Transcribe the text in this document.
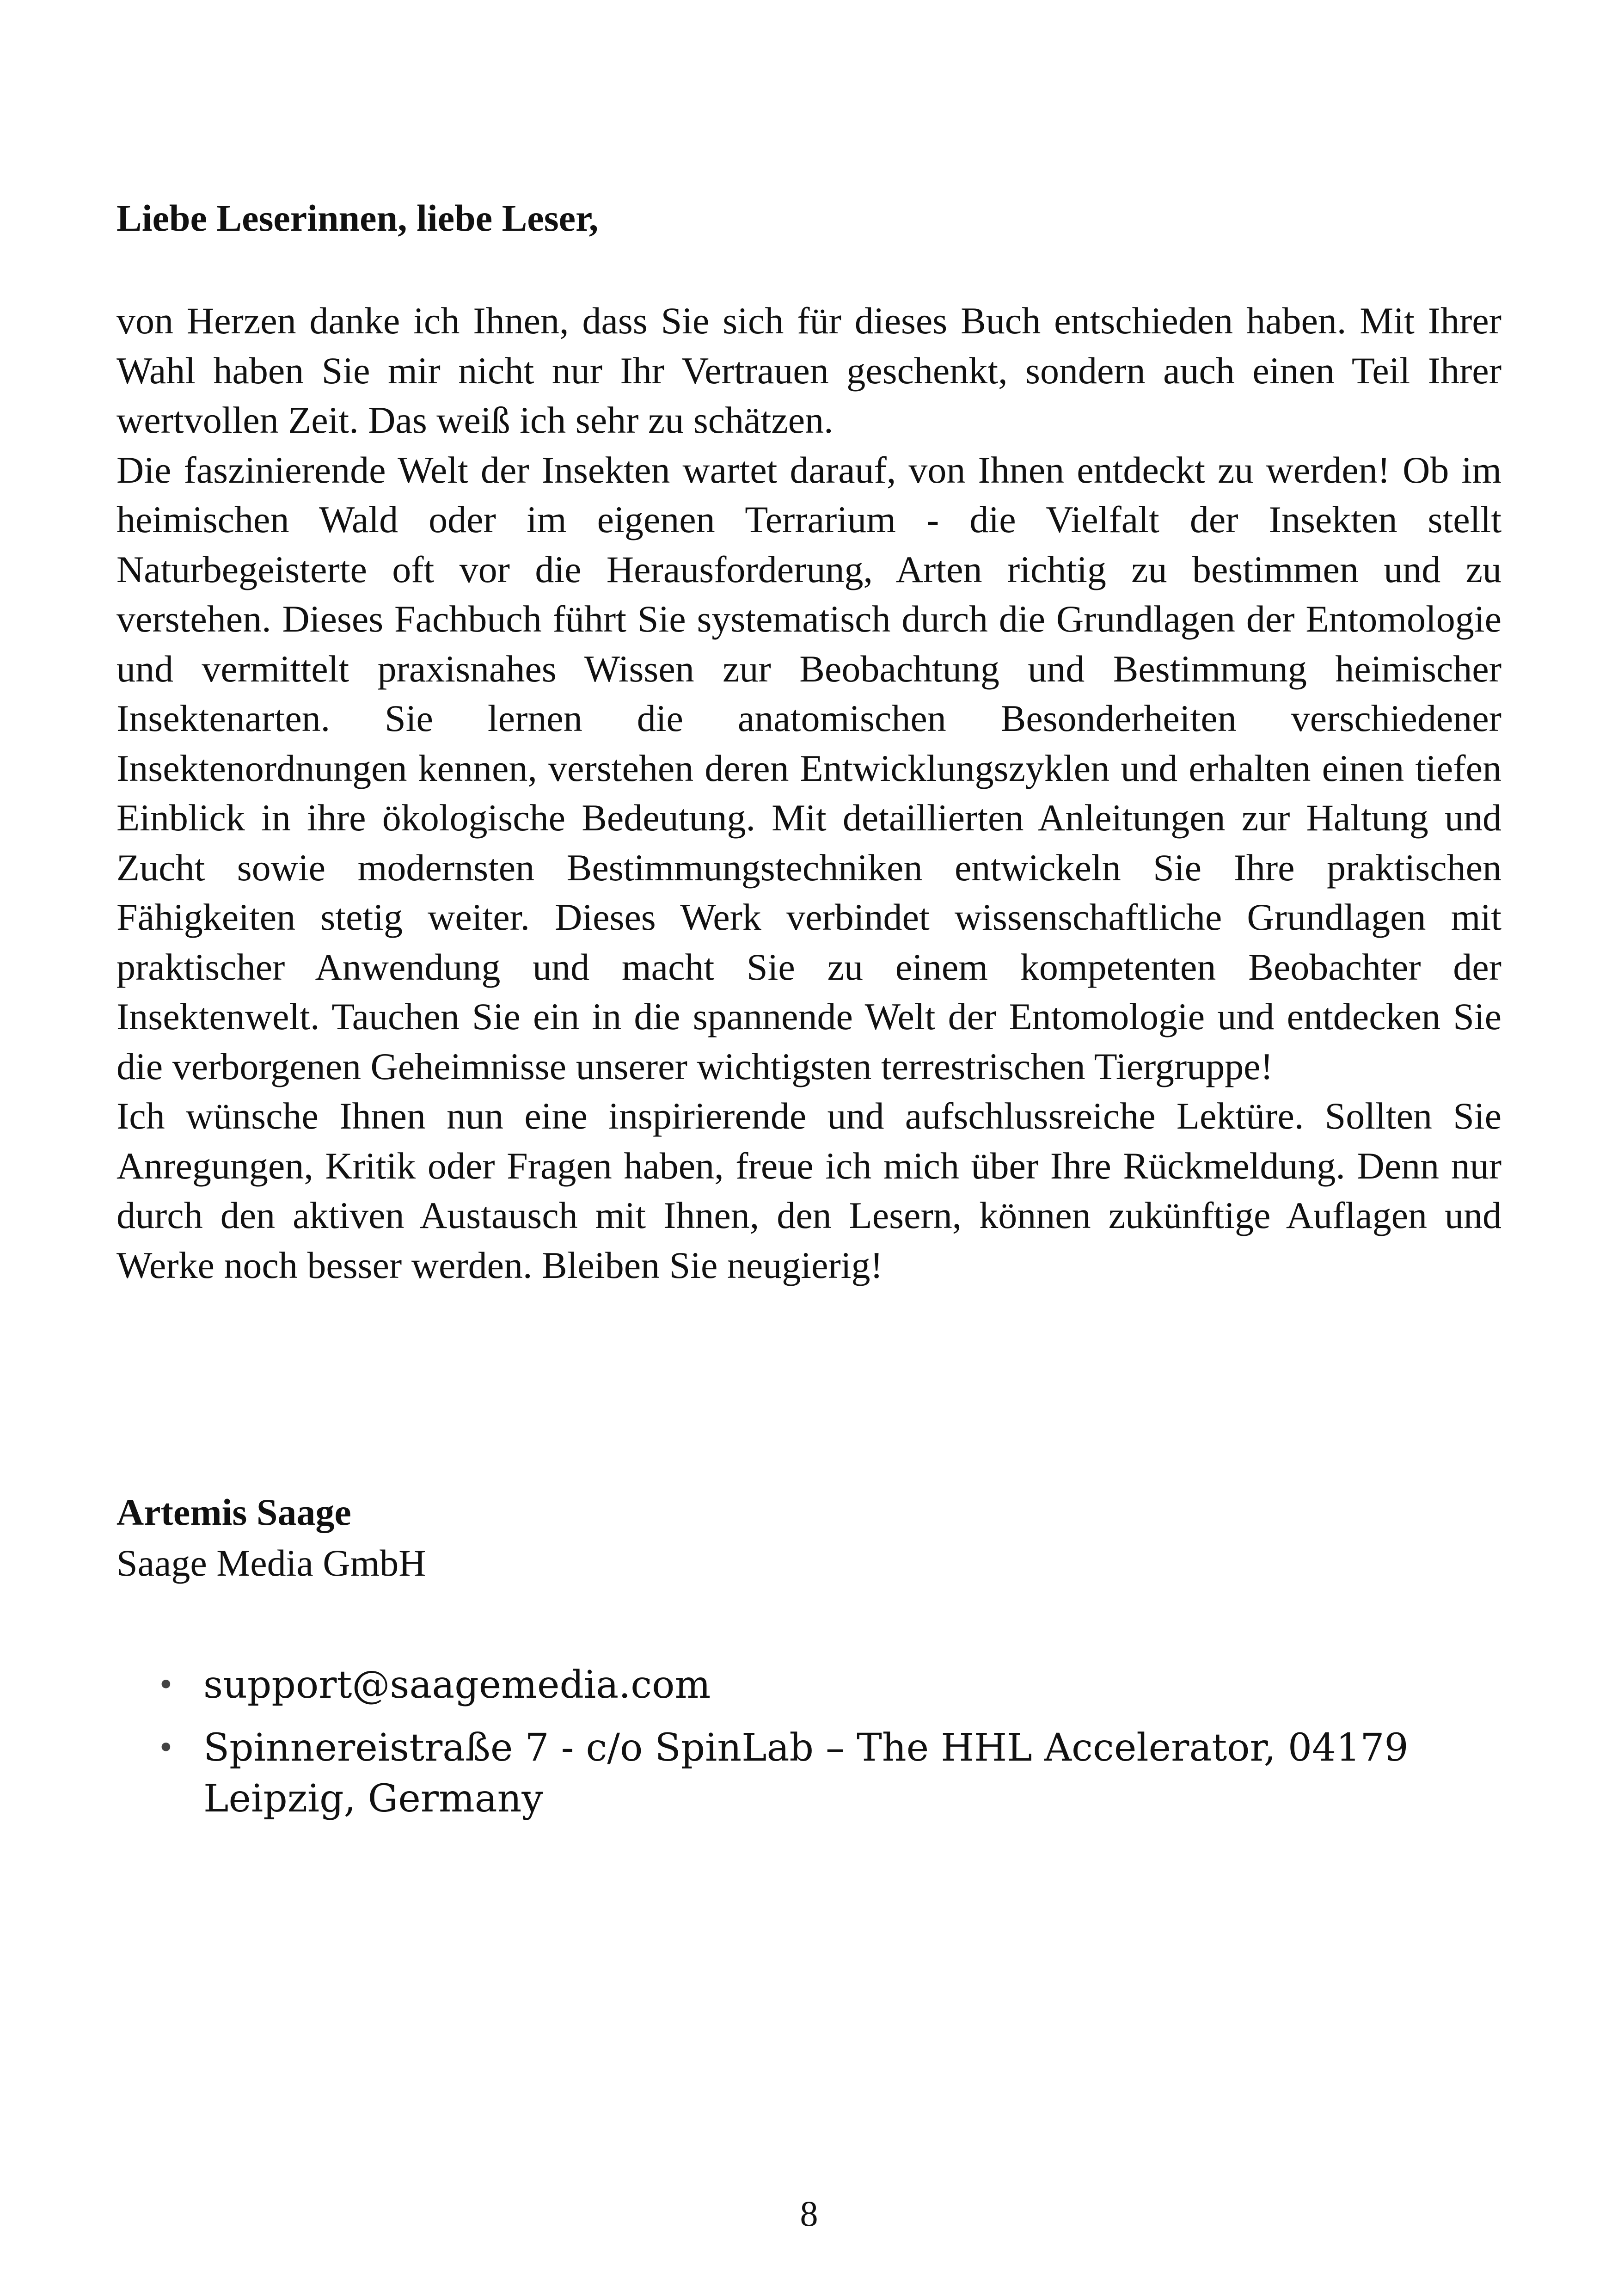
Liebe Leserinnen, liebe Leser,

von Herzen danke ich Ihnen, dass Sie sich für dieses Buch entschieden haben. Mit Ihrer Wahl haben Sie mir nicht nur Ihr Vertrauen geschenkt, sondern auch einen Teil Ihrer wertvollen Zeit. Das weiß ich sehr zu schätzen.

Die faszinierende Welt der Insekten wartet darauf, von Ihnen entdeckt zu werden! Ob im heimischen Wald oder im eigenen Terrarium - die Vielfalt der Insekten stellt Naturbegeisterte oft vor die Herausforderung, Arten richtig zu bestimmen und zu verstehen. Dieses Fachbuch führt Sie systematisch durch die Grundlagen der Entomologie und vermittelt praxisnahes Wissen zur Beobachtung und Bestimmung heimischer Insektenarten. Sie lernen die anatomischen Besonderheiten verschiedener Insektenordnungen kennen, verstehen deren Entwicklungszyklen und erhalten einen tiefen Einblick in ihre ökologische Bedeutung. Mit detaillierten Anleitungen zur Haltung und Zucht sowie modernsten Bestimmungstechniken entwickeln Sie Ihre praktischen Fähigkeiten stetig weiter. Dieses Werk verbindet wissenschaftliche Grundlagen mit praktischer Anwendung und macht Sie zu einem kompetenten Beobachter der Insektenwelt. Tauchen Sie ein in die spannende Welt der Entomologie und entdecken Sie die verborgenen Geheimnisse unserer wichtigsten terrestrischen Tiergruppe!

Ich wünsche Ihnen nun eine inspirierende und aufschlussreiche Lektüre. Sollten Sie Anregungen, Kritik oder Fragen haben, freue ich mich über Ihre Rückmeldung. Denn nur durch den aktiven Austausch mit Ihnen, den Lesern, können zukünftige Auflagen und Werke noch besser werden. Bleiben Sie neugierig!

Artemis Saage
Saage Media GmbH
• support@saagemedia.com
• Spinnereistraße 7 - c/o SpinLab – The HHL Accelerator, 04179 Leipzig, Germany
8
